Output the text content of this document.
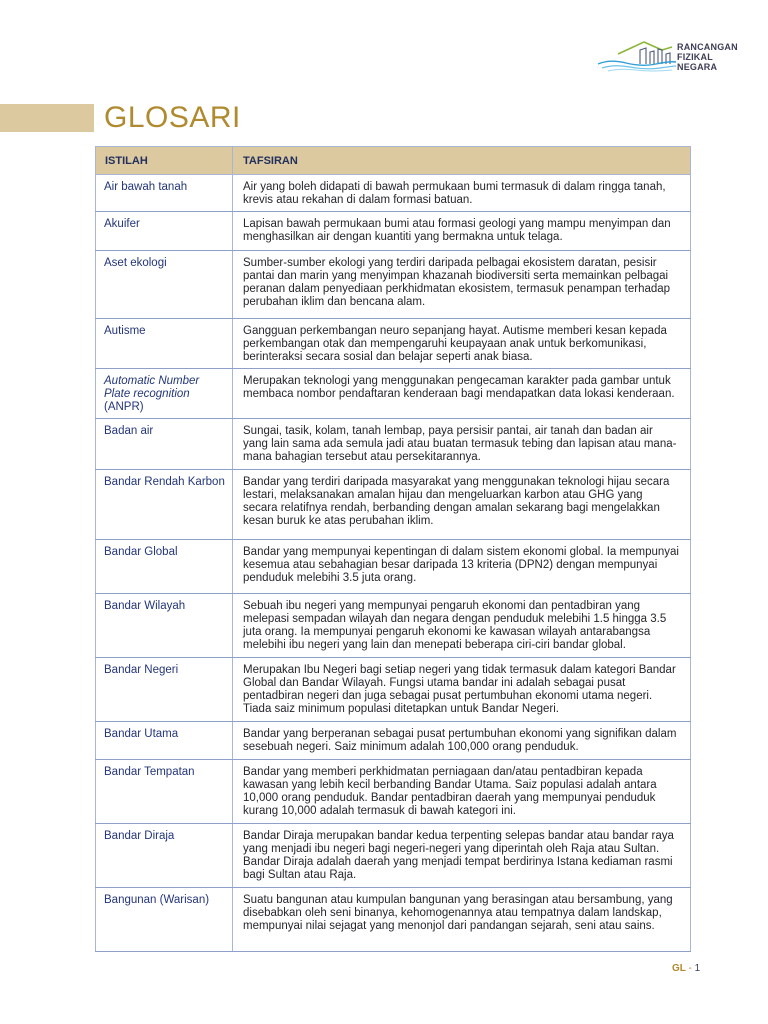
RANCANGAN
FIZIKAL
NEGARA
GLOSARI
ISTILAH	TAFSIRAN
Air bawah tanah	Air yang boleh didapati di bawah permukaan bumi termasuk di dalam ringga tanah, krevis atau rekahan di dalam formasi batuan.
Akuifer	Lapisan bawah permukaan bumi atau formasi geologi yang mampu menyimpan dan menghasilkan air dengan kuantiti yang bermakna untuk telaga.
Aset ekologi	Sumber-sumber ekologi yang terdiri daripada pelbagai ekosistem daratan, pesisir pantai dan marin yang menyimpan khazanah biodiversiti serta memainkan pelbagai peranan dalam penyediaan perkhidmatan ekosistem, termasuk penampan terhadap perubahan iklim dan bencana alam.
Autisme	Gangguan perkembangan neuro sepanjang hayat. Autisme memberi kesan kepada perkembangan otak dan mempengaruhi keupayaan anak untuk berkomunikasi, berinteraksi secara sosial dan belajar seperti anak biasa.
Automatic Number Plate recognition
(ANPR)	Merupakan teknologi yang menggunakan pengecaman karakter pada gambar untuk membaca nombor pendaftaran kenderaan bagi mendapatkan data lokasi kenderaan.
Badan air	Sungai, tasik, kolam, tanah lembap, paya persisir pantai, air tanah dan badan air yang lain sama ada semula jadi atau buatan termasuk tebing dan lapisan atau mana-mana bahagian tersebut atau persekitarannya.
Bandar Rendah Karbon	Bandar yang terdiri daripada masyarakat yang menggunakan teknologi hijau secara lestari, melaksanakan amalan hijau dan mengeluarkan karbon atau GHG yang secara relatifnya rendah, berbanding dengan amalan sekarang bagi mengelakkan kesan buruk ke atas perubahan iklim.
Bandar Global	Bandar yang mempunyai kepentingan di dalam sistem ekonomi global. Ia mempunyai kesemua atau sebahagian besar daripada 13 kriteria (DPN2) dengan mempunyai penduduk melebihi 3.5 juta orang.
Bandar Wilayah	Sebuah ibu negeri yang mempunyai pengaruh ekonomi dan pentadbiran yang melepasi sempadan wilayah dan negara dengan penduduk melebihi 1.5 hingga 3.5 juta orang. Ia mempunyai pengaruh ekonomi ke kawasan wilayah antarabangsa melebihi ibu negeri yang lain dan menepati beberapa ciri-ciri bandar global.
Bandar Negeri	Merupakan Ibu Negeri bagi setiap negeri yang tidak termasuk dalam kategori Bandar Global dan Bandar Wilayah. Fungsi utama bandar ini adalah sebagai pusat pentadbiran negeri dan juga sebagai pusat pertumbuhan ekonomi utama negeri. Tiada saiz minimum populasi ditetapkan untuk Bandar Negeri.
Bandar Utama	Bandar yang berperanan sebagai pusat pertumbuhan ekonomi yang signifikan dalam sesebuah negeri. Saiz minimum adalah 100,000 orang penduduk.
Bandar Tempatan	Bandar yang memberi perkhidmatan perniagaan dan/atau pentadbiran kepada kawasan yang lebih kecil berbanding Bandar Utama. Saiz populasi adalah antara 10,000 orang penduduk. Bandar pentadbiran daerah yang mempunyai penduduk kurang 10,000 adalah termasuk di bawah kategori ini.
Bandar Diraja	Bandar Diraja merupakan bandar kedua terpenting selepas bandar atau bandar raya yang menjadi ibu negeri bagi negeri-negeri yang diperintah oleh Raja atau Sultan. Bandar Diraja adalah daerah yang menjadi tempat berdirinya Istana kediaman rasmi bagi Sultan atau Raja.
Bangunan (Warisan)	Suatu bangunan atau kumpulan bangunan yang berasingan atau bersambung, yang disebabkan oleh seni binanya, kehomogenannya atau tempatnya dalam landskap, mempunyai nilai sejagat yang menonjol dari pandangan sejarah, seni atau sains.
GL - 1
